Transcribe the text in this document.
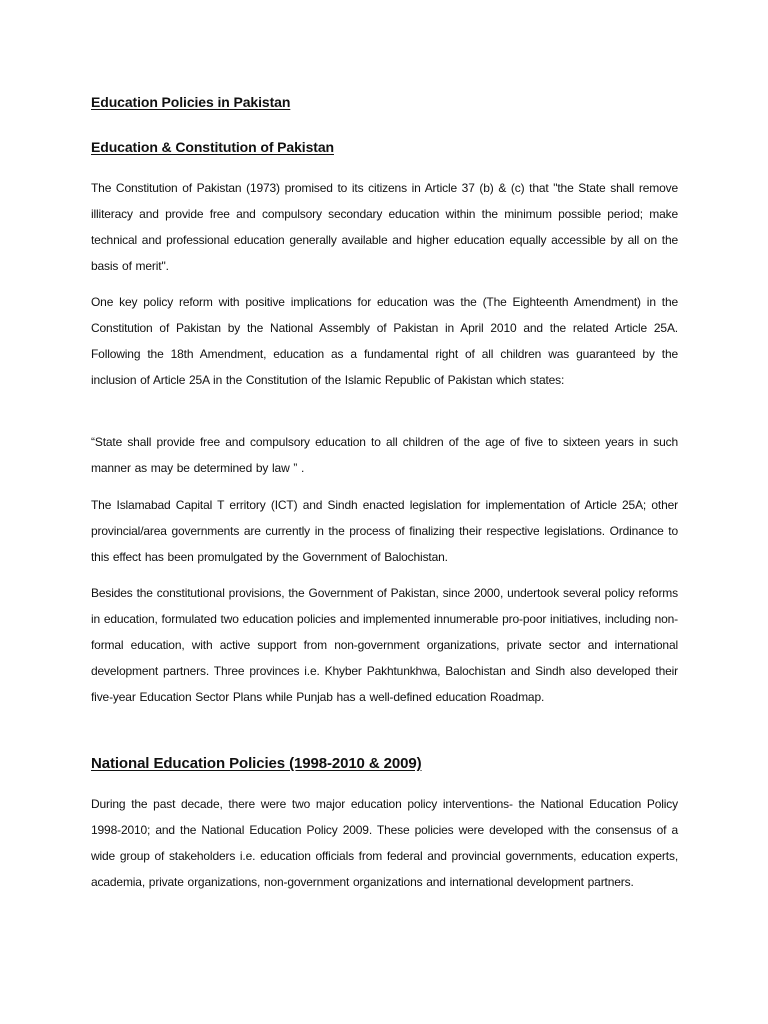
Education Policies in Pakistan
Education & Constitution of Pakistan

The Constitution of Pakistan (1973) promised to its citizens in Article 37 (b) & (c) that "the State shall remove illiteracy and provide free and compulsory secondary education within the minimum possible period; make technical and professional education generally available and higher education equally accessible by all on the basis of merit".

One key policy reform with positive implications for education was the (The Eighteenth Amendment) in the Constitution of Pakistan by the National Assembly of Pakistan in April 2010 and the related Article 25A. Following the 18th Amendment, education as a fundamental right of all children was guaranteed by the inclusion of Article 25A in the Constitution of the Islamic Republic of Pakistan which states:

“State shall provide free and compulsory education to all children of the age of five to sixteen years in such manner as may be determined by law ” .

The Islamabad Capital T erritory (ICT) and Sindh enacted legislation for implementation of Article 25A; other provincial/area governments are currently in the process of finalizing their respective legislations. Ordinance to this effect has been promulgated by the Government of Balochistan.

Besides the constitutional provisions, the Government of Pakistan, since 2000, undertook several policy reforms in education, formulated two education policies and implemented innumerable pro-poor initiatives, including non-formal education, with active support from non-government organizations, private sector and international development partners. Three provinces i.e. Khyber Pakhtunkhwa, Balochistan and Sindh also developed their five-year Education Sector Plans while Punjab has a well-defined education Roadmap.

National Education Policies (1998-2010 & 2009)

During the past decade, there were two major education policy interventions- the National Education Policy 1998-2010; and the National Education Policy 2009. These policies were developed with the consensus of a wide group of stakeholders i.e. education officials from federal and provincial governments, education experts, academia, private organizations, non-government organizations and international development partners.
